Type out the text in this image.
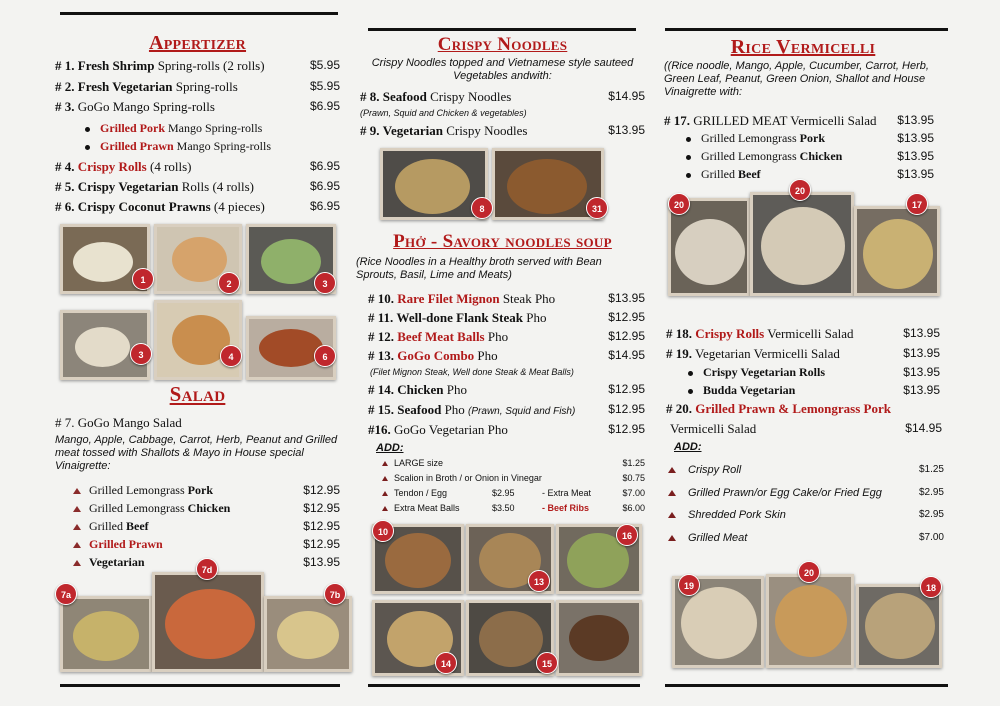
Appertizer
# 1. Fresh Shrimp Spring-rolls (2 rolls)	$5.95
# 2. Fresh Vegetarian Spring-rolls	$5.95
# 3. GoGo Mango Spring-rolls	$6.95
Grilled Pork Mango Spring-rolls
Grilled Prawn Mango Spring-rolls
# 4. Crispy Rolls (4 rolls)	$6.95
# 5. Crispy Vegetarian Rolls (4 rolls)	$6.95
# 6. Crispy Coconut Prawns (4 pieces)	$6.95
1	2	3
3	4	6
Salad
# 7. GoGo Mango Salad
Mango, Apple, Cabbage, Carrot, Herb, Peanut and Grilled meat tossed with Shallots & Mayo in House special Vinaigrette:
Grilled Lemongrass Pork	$12.95
Grilled Lemongrass Chicken	$12.95
Grilled Beef	$12.95
Grilled Prawn	$12.95
Vegetarian	$13.95
7a
7d
7b
Crispy Noodles
Crispy Noodles topped and Vietnamese style sauteed Vegetables andwith:
# 8. Seafood Crispy Noodles	$14.95
(Prawn, Squid and Chicken & vegetables)
# 9. Vegetarian Crispy Noodles	$13.95
8	31
Phở - Savory noodles soup
(Rice Noodles in a Healthy broth served with Bean Sprouts, Basil, Lime and Meats)
# 10. Rare Filet Mignon Steak Pho	$13.95
# 11. Well-done Flank Steak Pho	$12.95
# 12. Beef Meat Balls Pho	$12.95
# 13. GoGo Combo Pho	$14.95
(Filet Mignon Steak, Well done Steak & Meat Balls)
# 14. Chicken Pho	$12.95
# 15. Seafood Pho (Prawn, Squid and Fish)	$12.95
#16. GoGo Vegetarian Pho	$12.95
ADD:
LARGE size	$1.25
Scalion in Broth / or Onion in Vinegar	$0.75
Tendon / Egg	$2.95	- Extra Meat	$7.00
Extra Meat Balls	$3.50	- Beef Ribs	$6.00
10	16
13
14	15
Rice Vermicelli
((Rice noodle, Mango, Apple, Cucumber, Carrot, Herb, Green Leaf, Peanut, Green Onion, Shallot and House Vinaigrette with:
# 17. GRILLED MEAT Vermicelli Salad $13.95
Grilled Lemongrass Pork	$13.95
Grilled Lemongrass Chicken	$13.95
Grilled Beef	$13.95
20
20
17
# 18. Crispy Rolls Vermicelli Salad	$13.95
# 19. Vegetarian Vermicelli Salad	$13.95
Crispy Vegetarian Rolls	$13.95
Budda Vegetarian	$13.95
# 20. Grilled Prawn & Lemongrass Pork
Vermicelli Salad	$14.95
ADD:
Crispy Roll	$1.25
Grilled Prawn/or Egg Cake/or Fried Egg	$2.95
Shredded Pork Skin	$2.95
Grilled Meat	$7.00
19
20
18
